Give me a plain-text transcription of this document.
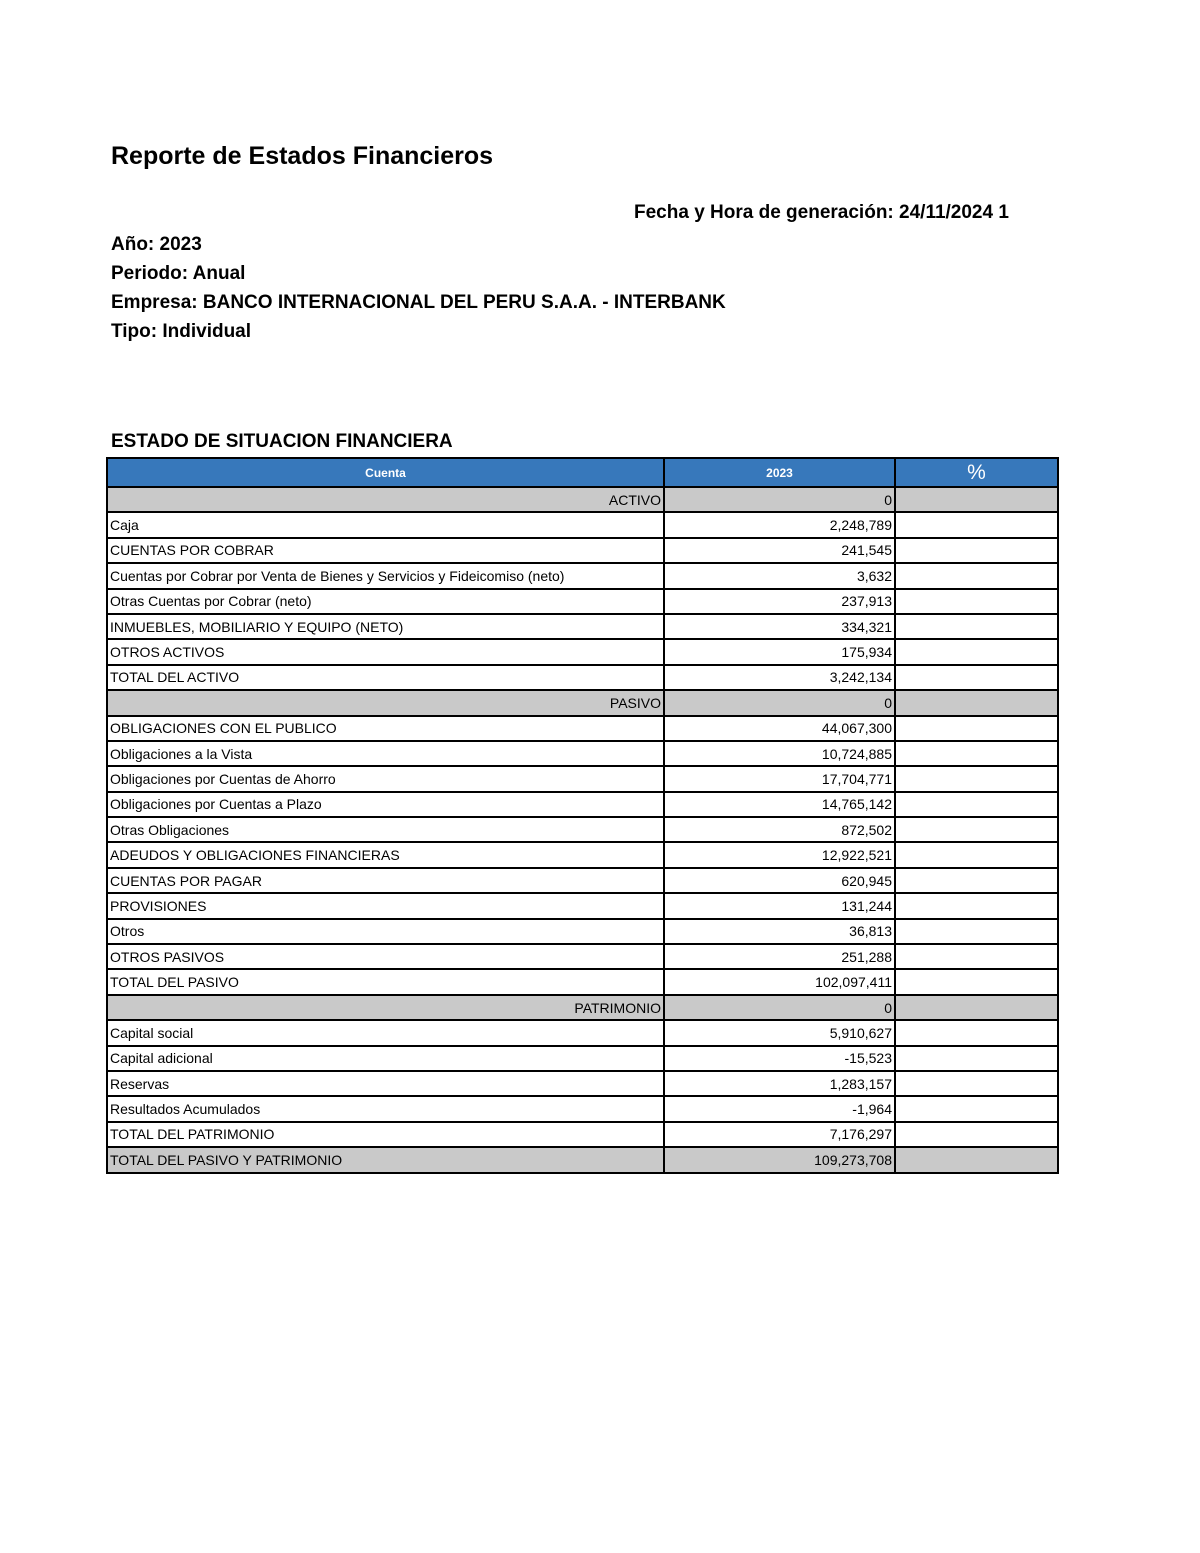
Reporte de Estados Financieros
Fecha y Hora de generación: 24/11/2024 1
Año: 2023
Periodo: Anual
Empresa: BANCO INTERNACIONAL DEL PERU S.A.A. - INTERBANK
Tipo: Individual
ESTADO DE SITUACION FINANCIERA
Cuenta	2023	%
ACTIVO	0	
Caja	2,248,789	
CUENTAS POR COBRAR	241,545	
Cuentas por Cobrar por Venta de Bienes y Servicios y Fideicomiso (neto)	3,632	
Otras Cuentas por Cobrar (neto)	237,913	
INMUEBLES, MOBILIARIO Y EQUIPO (NETO)	334,321	
OTROS ACTIVOS	175,934	
TOTAL DEL ACTIVO	3,242,134	
PASIVO	0	
OBLIGACIONES CON EL PUBLICO	44,067,300	
Obligaciones a la Vista	10,724,885	
Obligaciones por Cuentas de Ahorro	17,704,771	
Obligaciones por Cuentas a Plazo	14,765,142	
Otras Obligaciones	872,502	
ADEUDOS Y OBLIGACIONES FINANCIERAS	12,922,521	
CUENTAS POR PAGAR	620,945	
PROVISIONES	131,244	
Otros	36,813	
OTROS PASIVOS	251,288	
TOTAL DEL PASIVO	102,097,411	
PATRIMONIO	0	
Capital social	5,910,627	
Capital adicional	-15,523	
Reservas	1,283,157	
Resultados Acumulados	-1,964	
TOTAL DEL PATRIMONIO	7,176,297	
TOTAL DEL PASIVO Y PATRIMONIO	109,273,708	
